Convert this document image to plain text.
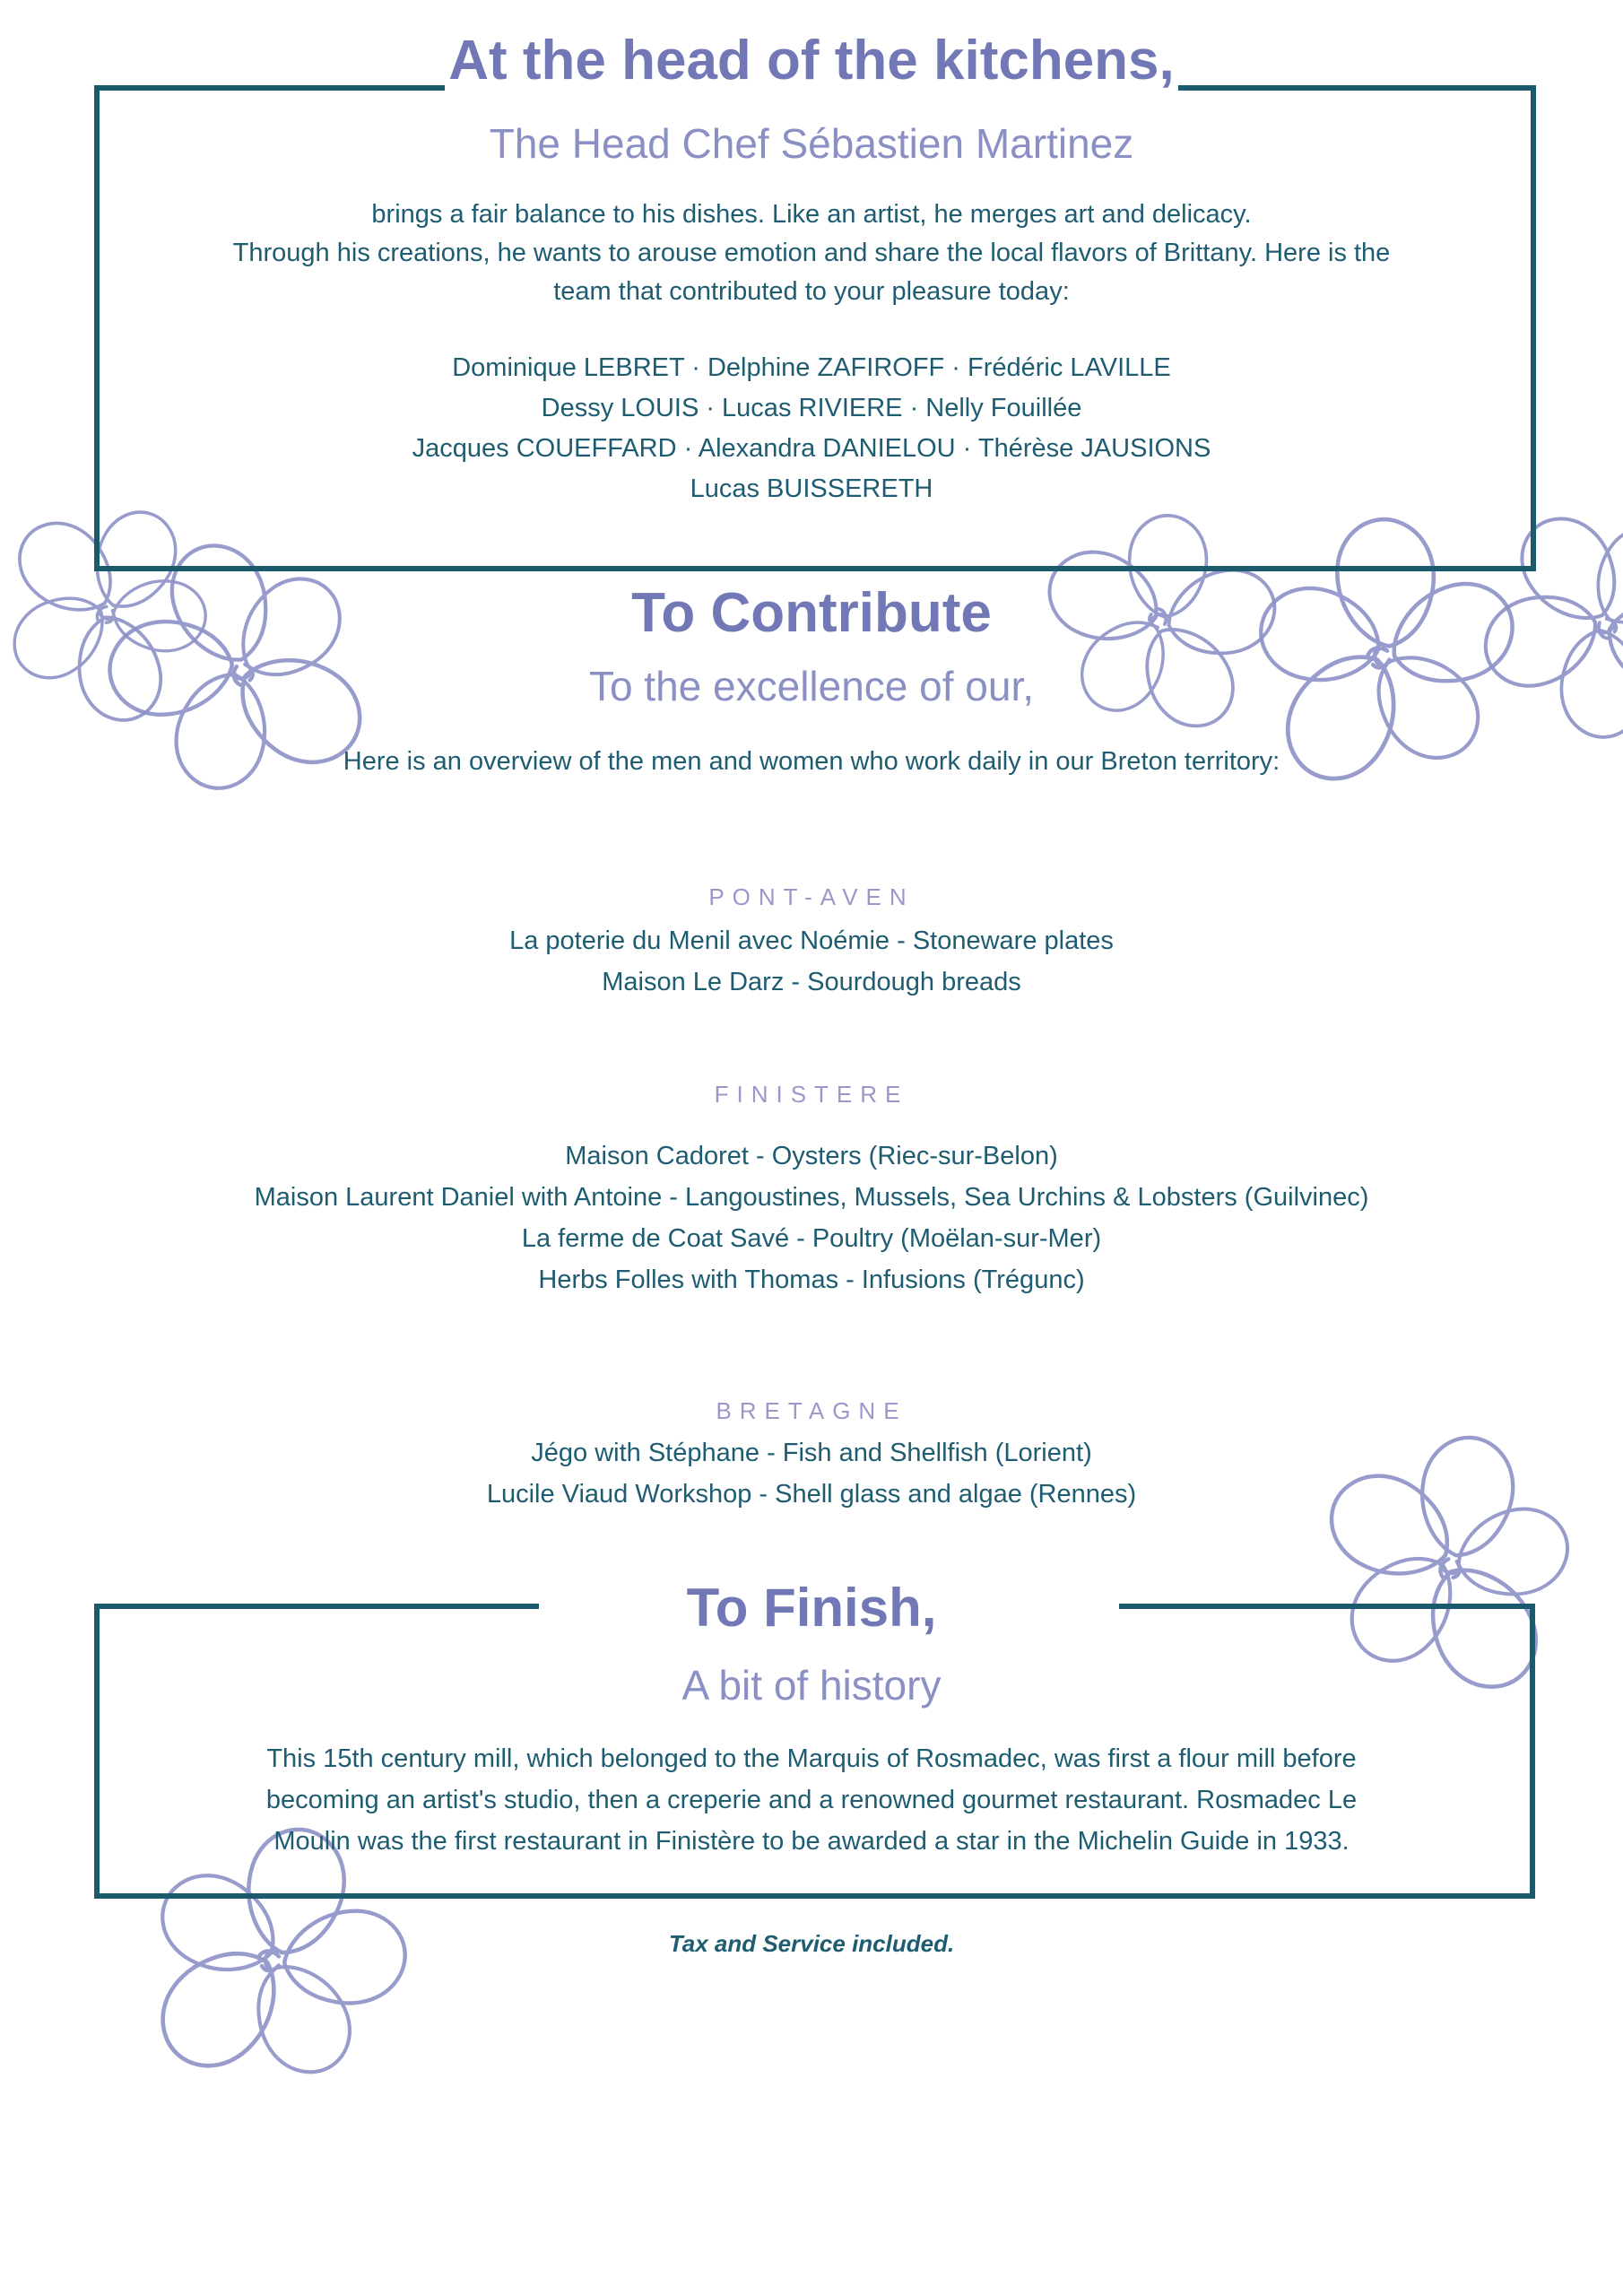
At the head of the kitchens,
The Head Chef Sébastien Martinez
brings a fair balance to his dishes. Like an artist, he merges art and delicacy.
Through his creations, he wants to arouse emotion and share the local flavors of Brittany. Here is the
team that contributed to your pleasure today:
Dominique LEBRET · Delphine ZAFIROFF · Frédéric LAVILLE
Dessy LOUIS · Lucas RIVIERE · Nelly Fouillée
Jacques COUEFFARD · Alexandra DANIELOU · Thérèse JAUSIONS
Lucas BUISSERETH
To Contribute
To the excellence of our,
Here is an overview of the men and women who work daily in our Breton territory:
PONT-AVEN
La poterie du Menil avec Noémie - Stoneware plates
Maison Le Darz - Sourdough breads
FINISTERE
Maison Cadoret - Oysters (Riec-sur-Belon)
Maison Laurent Daniel with Antoine - Langoustines, Mussels, Sea Urchins & Lobsters (Guilvinec)
La ferme de Coat Savé - Poultry (Moëlan-sur-Mer)
Herbs Folles with Thomas - Infusions (Trégunc)
BRETAGNE
Jégo with Stéphane - Fish and Shellfish (Lorient)
Lucile Viaud Workshop - Shell glass and algae (Rennes)
To Finish,
A bit of history
This 15th century mill, which belonged to the Marquis of Rosmadec, was first a flour mill before
becoming an artist's studio, then a creperie and a renowned gourmet restaurant. Rosmadec Le
Moulin was the first restaurant in Finistère to be awarded a star in the Michelin Guide in 1933.
Tax and Service included.
